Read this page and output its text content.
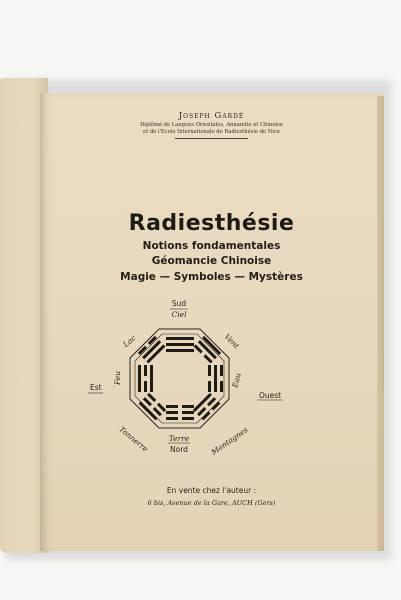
Joseph Gardé
Diplômé de Langues Orientales, Annamite et Chinoise
et de l'Ecole Internationale de Radiesthésie de Nice
Radiesthésie
Notions fondamentales
Géomancie Chinoise
Magie — Symboles — Mystères
Sud
Ciel
Lac	Vent
Est
Feu	Eau
Ouest
Tonnerre	Montagnes
Terre
Nord
En vente chez l'auteur :
6 bis, Avenue de la Gare, AUCH (Gers)
